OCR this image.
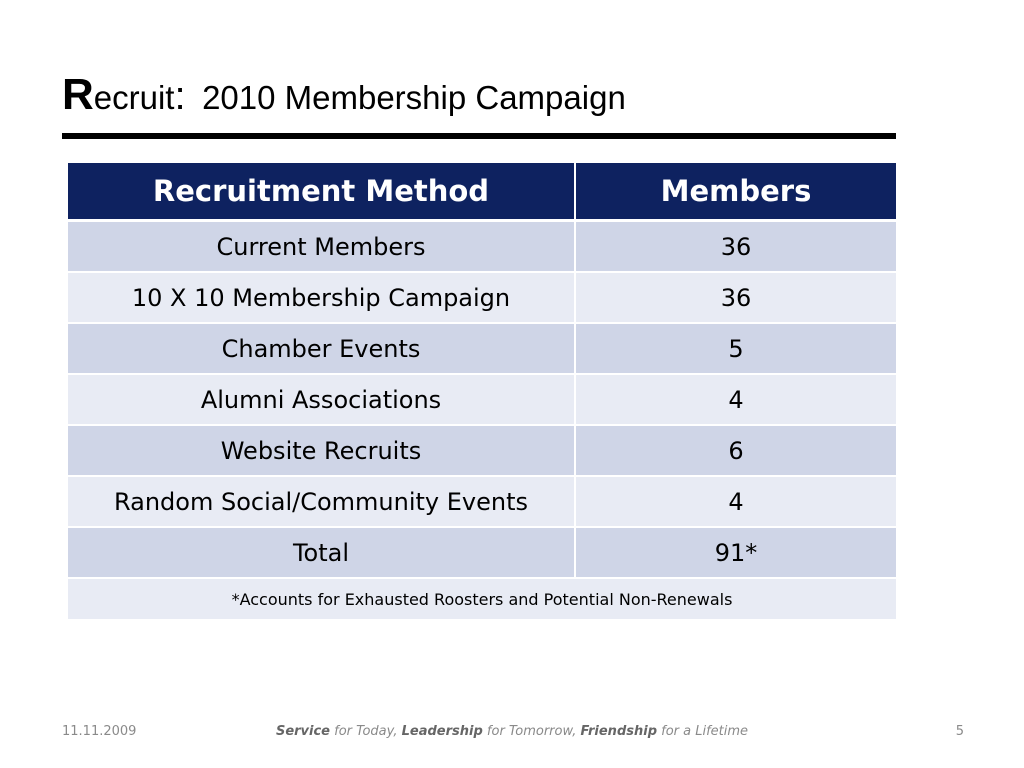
Recruit: 2010 Membership Campaign
Recruitment Method	Members
Current Members	36
10 X 10 Membership Campaign	36
Chamber Events	5
Alumni Associations	4
Website Recruits	6
Random Social/Community Events	4
Total	91*
*Accounts for Exhausted Roosters and Potential Non-Renewals	
11.11.2009	Service for Today, Leadership for Tomorrow, Friendship for a Lifetime	5
